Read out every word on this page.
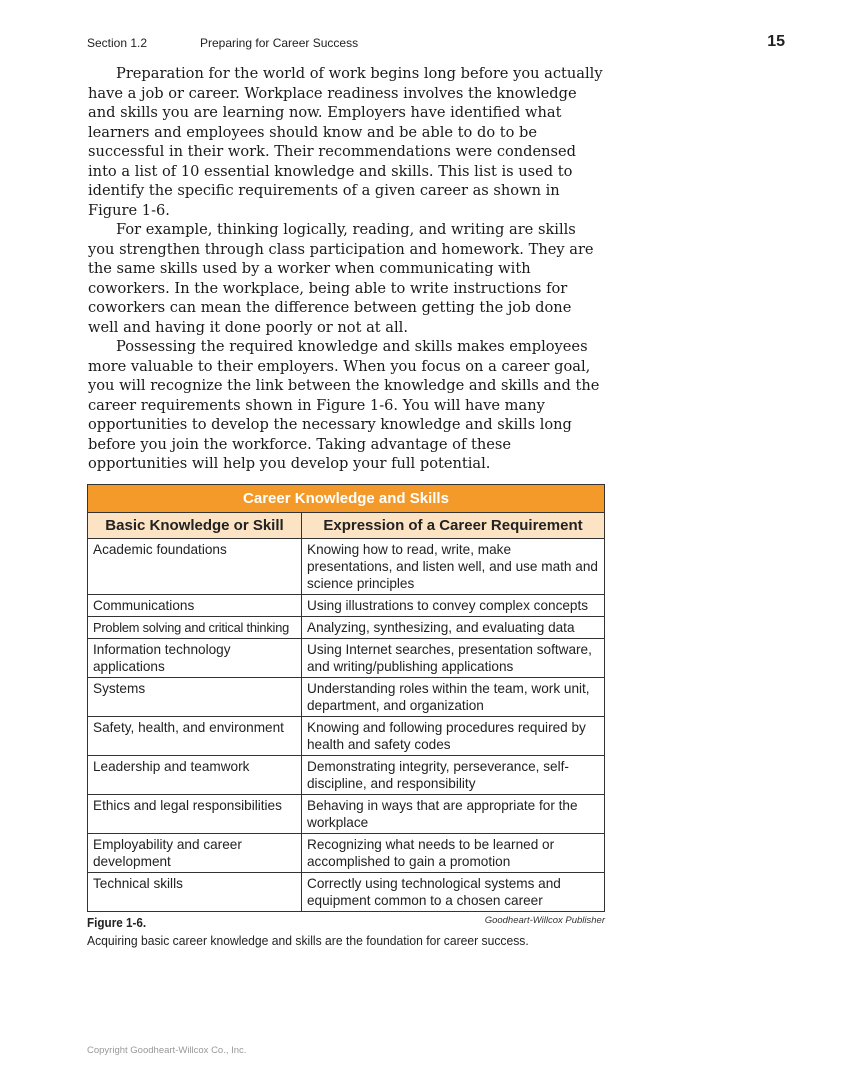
Section 1.2	Preparing for Career Success	15

Preparation for the world of work begins long before you actually have a job or career. Workplace readiness involves the knowledge and skills you are learning now. Employers have identified what learners and employees should know and be able to do to be successful in their work. Their recommendations were condensed into a list of 10 essential knowledge and skills. This list is used to identify the specific requirements of a given career as shown in Figure 1-6.

For example, thinking logically, reading, and writing are skills you strengthen through class participation and homework. They are the same skills used by a worker when communicating with coworkers. In the workplace, being able to write instructions for coworkers can mean the difference between getting the job done well and having it done poorly or not at all.

Possessing the required knowledge and skills makes employees more valuable to their employers. When you focus on a career goal, you will recognize the link between the knowledge and skills and the career requirements shown in Figure 1-6. You will have many opportunities to develop the necessary knowledge and skills long before you join the workforce. Taking advantage of these opportunities will help you develop your full potential.

Career Knowledge and Skills	
Basic Knowledge or Skill	Expression of a Career Requirement
Academic foundations	Knowing how to read, write, make presentations, and listen well, and use math and science principles
Communications	Using illustrations to convey complex concepts
Problem solving and critical thinking	Analyzing, synthesizing, and evaluating data
Information technology applications	Using Internet searches, presentation software, and writing/publishing applications
Systems	Understanding roles within the team, work unit, department, and organization
Safety, health, and environment	Knowing and following procedures required by health and safety codes
Leadership and teamwork	Demonstrating integrity, perseverance, self-discipline, and responsibility
Ethics and legal responsibilities	Behaving in ways that are appropriate for the workplace
Employability and career development	Recognizing what needs to be learned or accomplished to gain a promotion
Technical skills	Correctly using technological systems and equipment common to a chosen career
Figure 1-6.	Goodheart-Willcox Publisher
Acquiring basic career knowledge and skills are the foundation for career success.
Copyright Goodheart-Willcox Co., Inc.
